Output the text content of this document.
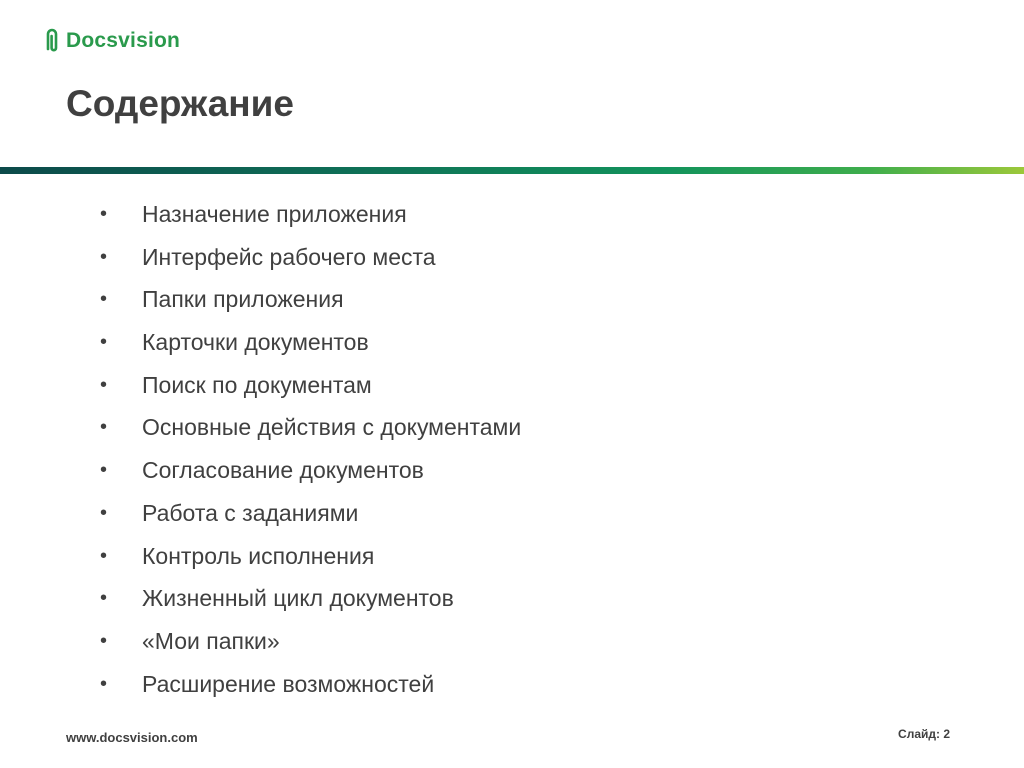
Docsvision
Содержание
• Назначение приложения
• Интерфейс рабочего места
• Папки приложения
• Карточки документов
• Поиск по документам
• Основные действия с документами
• Согласование документов
• Работа с заданиями
• Контроль исполнения
• Жизненный цикл документов
• «Мои папки»
• Расширение возможностей
www.docsvision.com	Слайд: 2
